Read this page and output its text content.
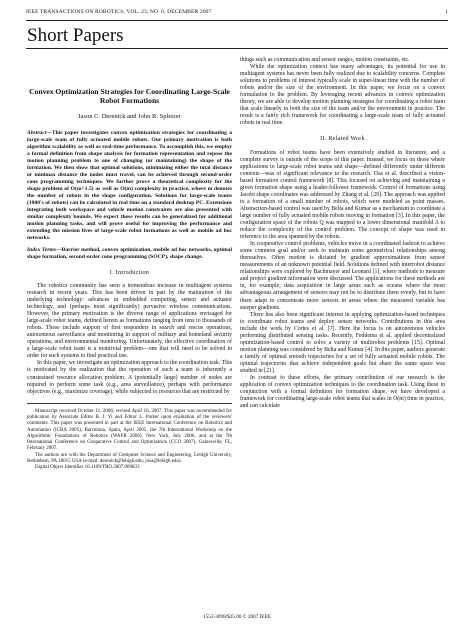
IEEE TRANSACTIONS ON ROBOTICS, VOL. 23, NO. 6, DECEMBER 2007	1
Short Papers
Convex Optimization Strategies for Coordinating Large-Scale Robot Formations
Jason C. Derenick and John R. Spletzer
Abstract—This paper investigates convex optimization strategies for coordinating a large-scale team of fully actuated mobile robots. Our primary motivation is both algorithm scalability as well as real-time performance. To accomplish this, we employ a formal definition from shape analysis for formation representation and repose the motion planning problem to one of changing (or maintaining) the shape of the formation. We then show that optimal solutions, minimizing either the total distance or minimax distance the nodes must travel, can be achieved through second-order cone programming techniques. We further prove a theoretical complexity for the shape problem of O(m^1.5) as well as O(m) complexity in practice, where m denotes the number of robots in the shape configuration. Solutions for large-scale teams (1000's of robots) can be calculated in real time on a standard desktop PC. Extensions integrating both workspace and vehicle motion constraints are also presented with similar complexity bounds. We expect these results can be generalized for additional motion planning tasks, and will prove useful for improving the performance and extending the mission lives of large-scale robot formations as well as mobile ad hoc networks.
Index Terms—Barrier method, convex optimization, mobile ad hoc networks, optimal shape formation, second-order cone programming (SOCP), shape change.
I. Introduction

The robotics community has seen a tremendous increase in multiagent systems research in recent years. This has been driven in part by the maturation of the underlying technology: advances in embedded computing, sensor and actuator technology, and (perhaps most significantly) pervasive wireless communications. However, the primary motivation is the diverse range of applications envisaged for large-scale robot teams, defined herein as formations ranging from tens to thousands of robots. These include support of first responders in search and rescue operations, autonomous surveillance and monitoring in support of military and homeland security operations, and environmental monitoring. Unfortunately, the effective coordination of a large-scale robot team is a nontrivial problem—one that will need to be solved in order for such systems to find practical use.

In this paper, we investigate an optimization approach to the coordination task. This is motivated by the realization that the operation of such a team is inherently a constrained resource allocation problem. A (potentially large) number of nodes are required to perform some task (e.g., area surveillance), perhaps with performance objectives (e.g., maximize coverage), while subjected to resources that are restricted by

Manuscript received October 11, 2006; revised April 16, 2007. This paper was recommended for publication by Associate Editor B. J. Yi and Editor L. Parker upon evaluation of the reviewers' comments. This paper was presented in part at the IEEE International Conference on Robotics and Automation (ICRA 2005), Barcelona, Spain, April 2005, the 7th International Workshop on the Algorithmic Foundations of Robotics (WAFR 2006), New York, July 2006, and at the 7th International Conference on Cooperative Control and Optimization (CCO 2007), Gainesville, FL, February 2007.

The authors are with the Department of Computer Science and Engineering, Lehigh University, Bethlehem, PA 18015 USA (e-mail: derenick@lehigh.edu; josa@lehigh.edu).

Digital Object Identifier 10.1109/TRO.2007.909833

things such as communication and sensor ranges, motion constraints, etc.

While the optimization context has many advantages, its potential for use in multiagent systems has never been fully realized due to scalability concerns. Complete solutions to problems of interest typically scale in super-linear time with the number of robots and/or the size of the environment. In this paper, we focus on a convex formulation to the problem. By leveraging recent advances in convex optimization theory, we are able to develop motion planning strategies for coordinating a robot team that scale linearly in both the size of the team and/or the environment in practice. The result is a fairly rich framework for coordinating a large-scale team of fully actuated robots in real time.

II. Related Work

Formations of robot teams have been extensively studied in literature, and a complete survey is outside of the scope of this paper. Instead, we focus on those where applications to large-scale robot teams and shape—defined differently under different contexts—was of significant relevance to the research. Das et al. described a vision-based formation control framework [8]. This focused on achieving and maintaining a given formation shape using a leader-follower framework. Control of formations using Jacobi shape coordinates was addressed by Zhang et al. [29]. The approach was applied to a formation of a small number of robots, which were modeled as point masses. Abstraction-based control was used by Belta and Kumar as a mechanism to coordinate a large number of fully actuated mobile robots moving in formation [3]. In this paper, the configuration space of the robots Q was mapped to a lower dimensional manifold A to reduce the complexity of the control problem. The concept of shape was used in reference to the area spanned by the robots.

In cooperative control problems, vehicles move in a coordinated fashion to achieve some common goal and/or seek to maintain some geometrical relationships among themselves. Often motion is dictated by gradient approximations from sensor measurements of an unknown potential field. Solutions defined with interrobot distance relationships were explored by Bachmayer and Leonard [1], where methods to measure and project gradient information were discussed. The applications for these methods are in, for example, data acquisition in large areas such as oceans where the most advantageous arrangement of sensors may not be to distribute them evenly, but to have them adapt to concentrate more sensors in areas where the measured variable has steeper gradients.

There has also been significant interest in applying optimization-based techniques to coordinate robot teams and deploy sensor networks. Contributions in this area include the work by Cortes et al. [7]. Here the focus is on autonomous vehicles performing distributed sensing tasks. Recently, Feddema et al. applied decentralized optimization-based control to solve a variety of multirobot problems [15]. Optimal motion planning was considered by Belta and Kumar [4]. In this paper, authors generate a family of optimal smooth trajectories for a set of fully actuated mobile robots. The optimal trajectories that achieve independent goals but share the same space was studied in [21].

In contrast to these efforts, the primary contribution of our research is the application of convex optimization techniques to the coordination task. Using these in conjunction with a formal definition for formation shape, we have developed a framework for coordinating large-scale robot teams that scales in O(m) time in practice, and can calculate

1552-3098/$25.00 © 2007 IEEE
